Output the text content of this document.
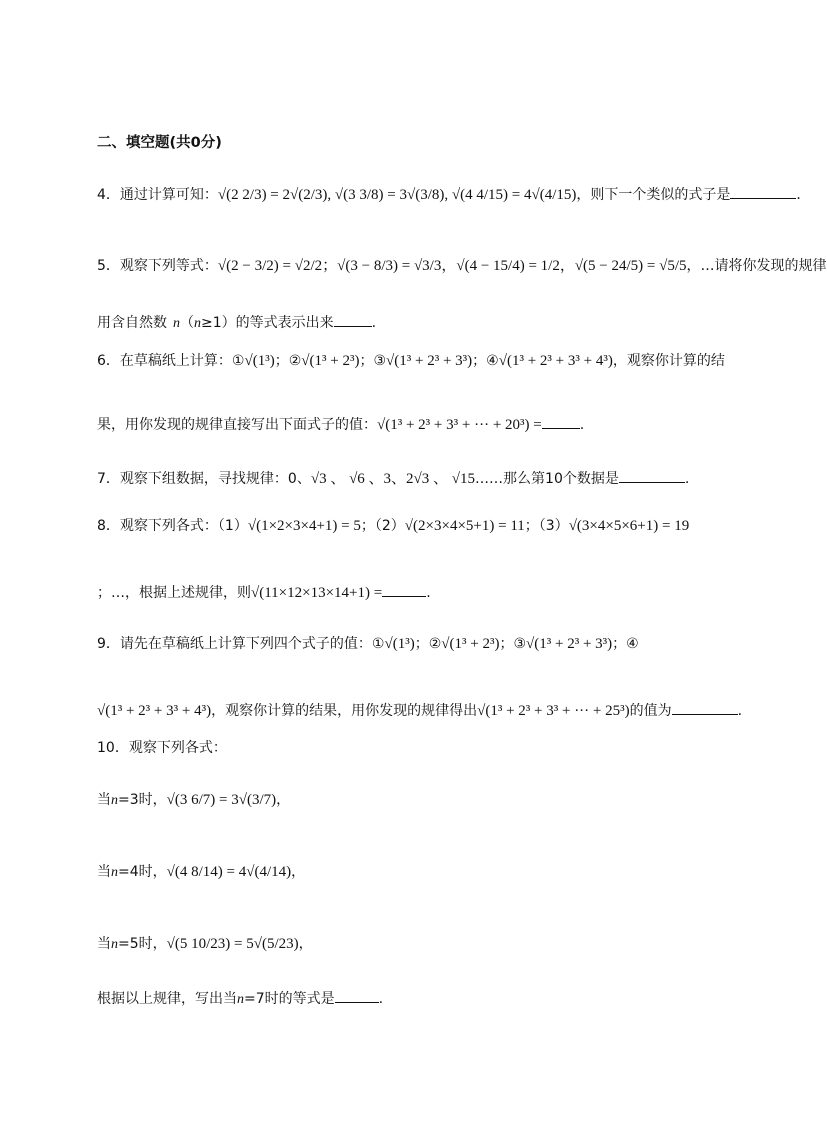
二、填空题(共0分)
4．通过计算可知：√(2 2/3) = 2√(2/3), √(3 3/8) = 3√(3/8), √(4 4/15) = 4√(4/15)，则下一个类似的式子是	．
5．观察下列等式：√(2 − 3/2) = √2/2；√(3 − 8/3) = √3/3，√(4 − 15/4) = 1/2，√(5 − 24/5) = √5/5，…请将你发现的规律
用含自然数 n（n≥1）的等式表示出来	.
6．在草稿纸上计算：①√(1³)；②√(1³ + 2³)；③√(1³ + 2³ + 3³)；④√(1³ + 2³ + 3³ + 4³)，观察你计算的结
果，用你发现的规律直接写出下面式子的值：√(1³ + 2³ + 3³ + ··· + 20³) =	.
7．观察下组数据，寻找规律：0、√3 、 √6 、3、2√3 、 √15……那么第10个数据是	.
8．观察下列各式：（1）√(1×2×3×4+1) = 5；（2）√(2×3×4×5+1) = 11；（3）√(3×4×5×6+1) = 19
；…，根据上述规律，则√(11×12×13×14+1) =	.
9．请先在草稿纸上计算下列四个式子的值：①√(1³)；②√(1³ + 2³)；③√(1³ + 2³ + 3³)；④
√(1³ + 2³ + 3³ + 4³)，观察你计算的结果，用你发现的规律得出√(1³ + 2³ + 3³ + ··· + 25³)的值为	.
10．观察下列各式：
当n=3时，√(3 6/7) = 3√(3/7)，
当n=4时，√(4 8/14) = 4√(4/14)，
当n=5时，√(5 10/23) = 5√(5/23)，
根据以上规律，写出当n=7时的等式是	.
